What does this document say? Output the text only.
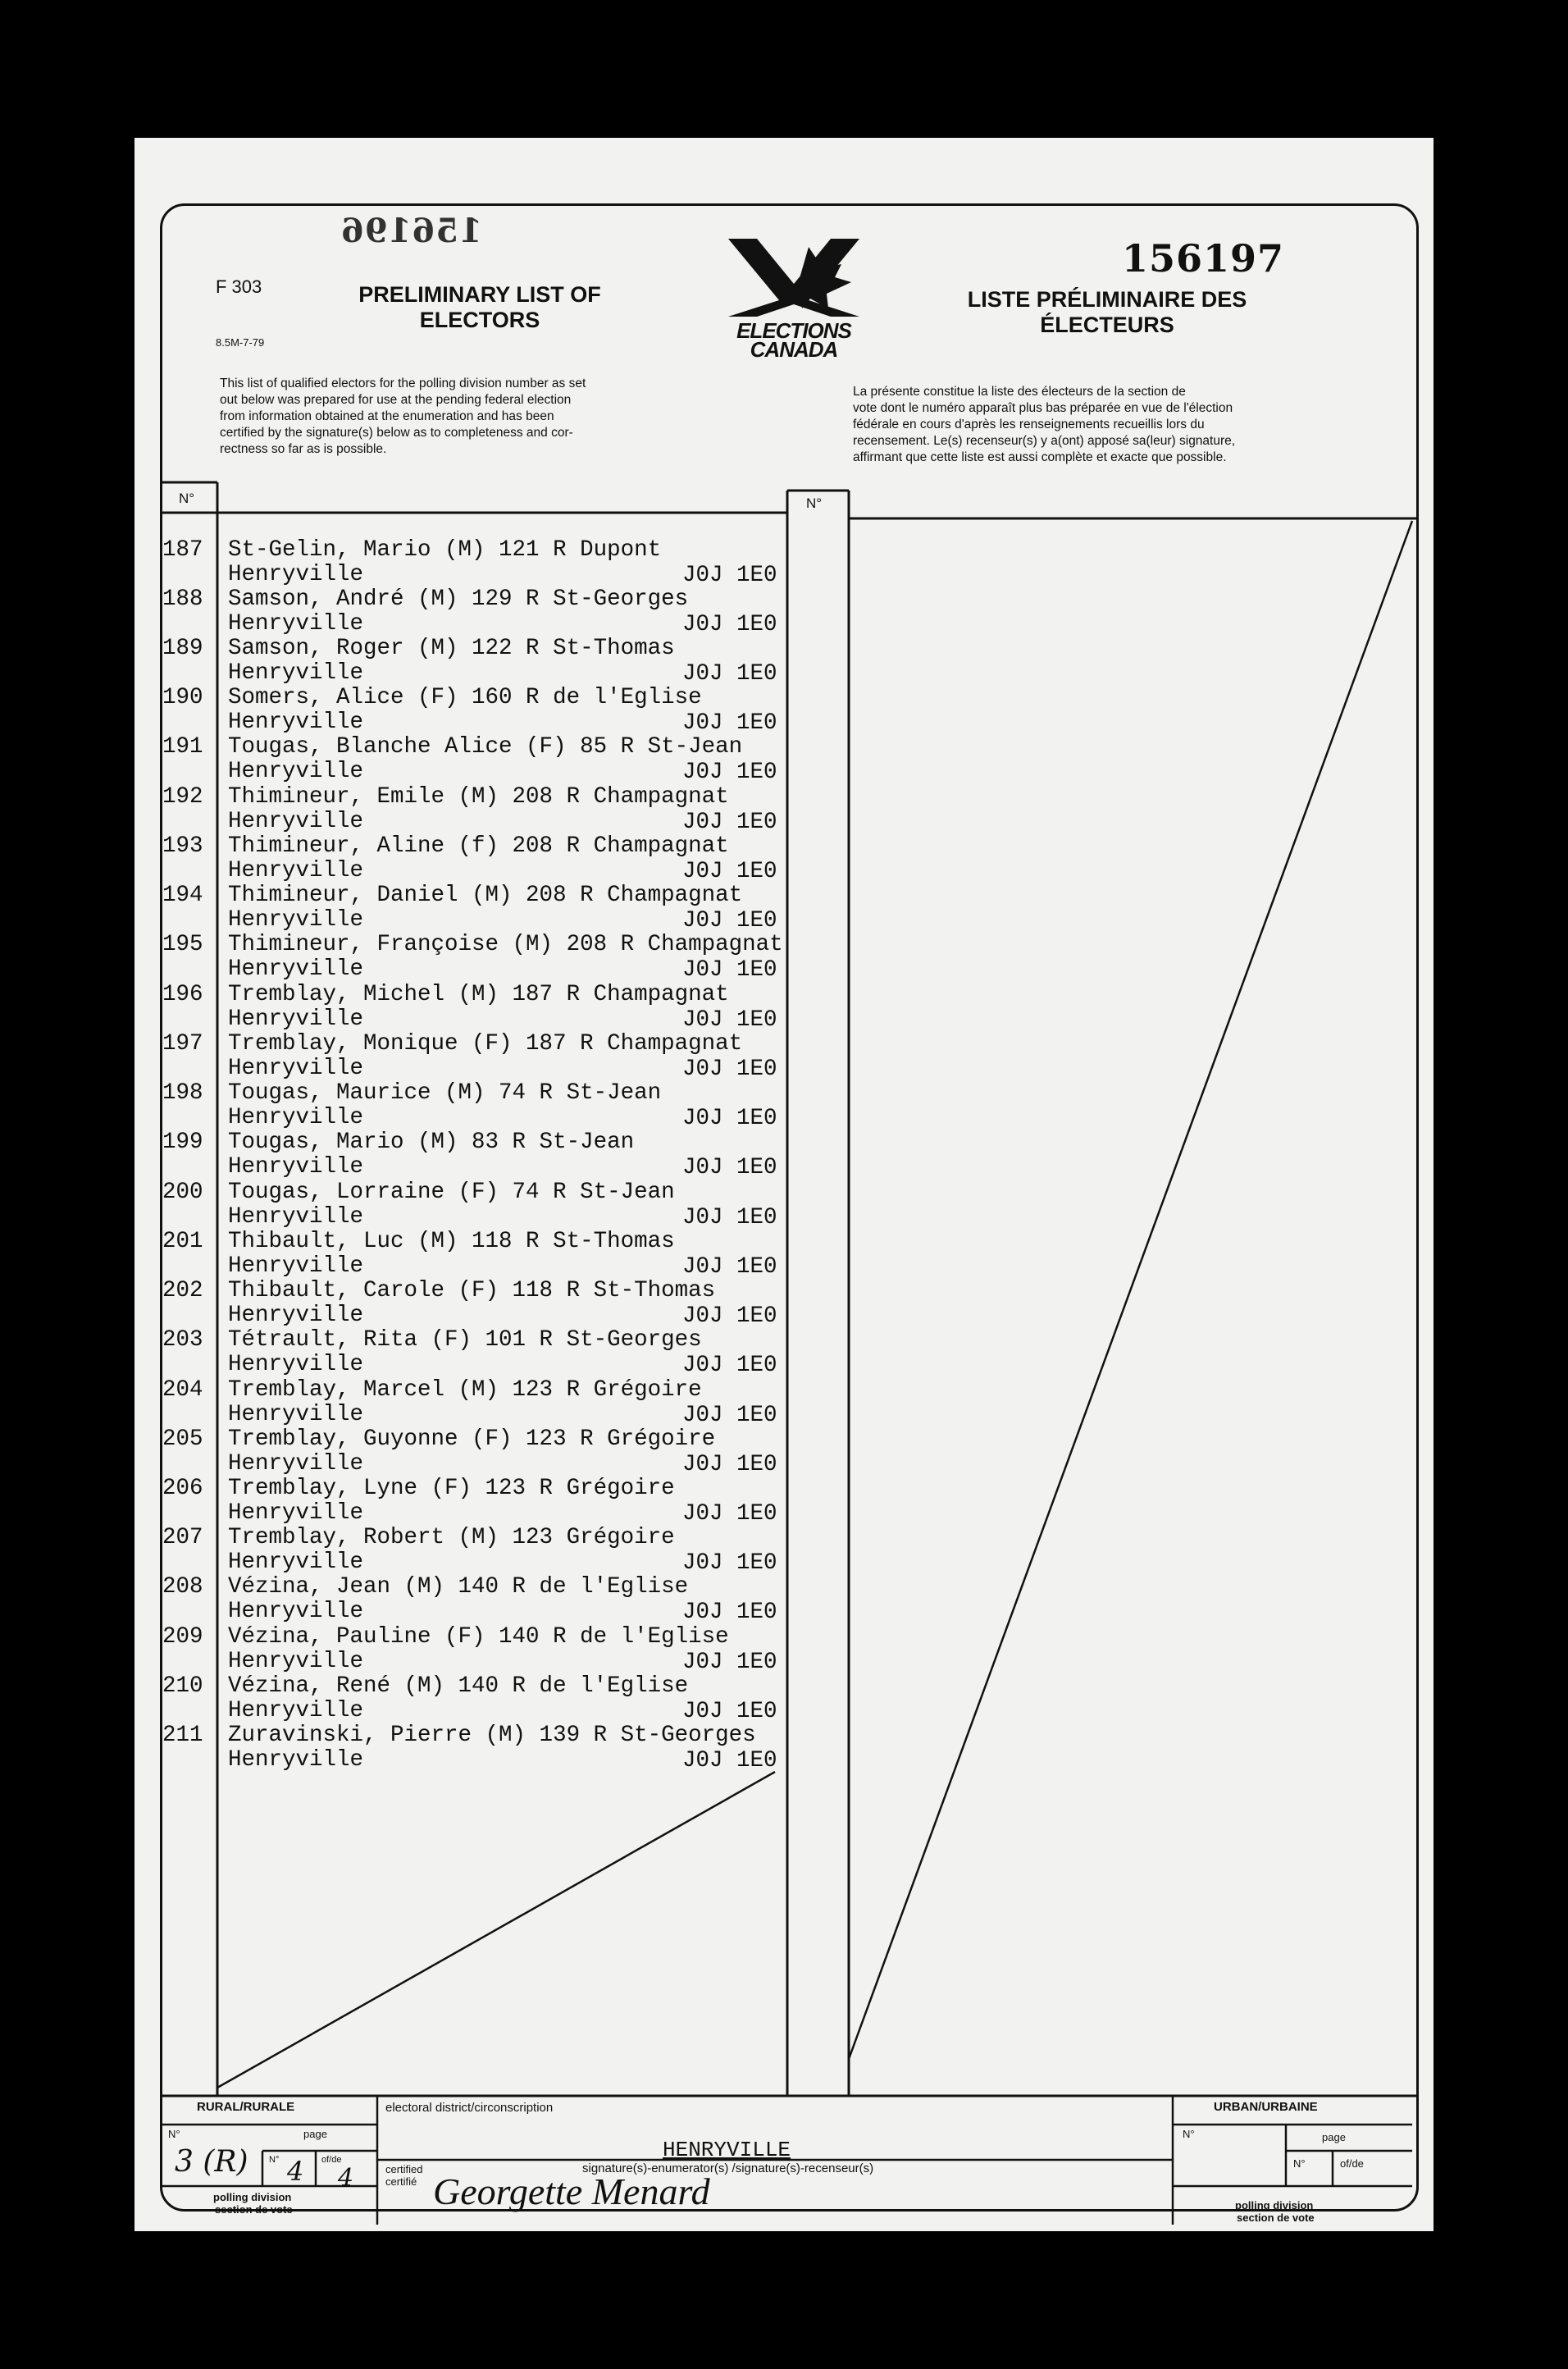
156196
156197
F 303
8.5M-7-79
PRELIMINARY LIST OF
ELECTORS	ELECTIONS
CANADA
LISTE PRÉLIMINAIRE DES
ÉLECTEURS
This list of qualified electors for the polling division number as set
out below was prepared for use at the pending federal election
from information obtained at the enumeration and has been
certified by the signature(s) below as to completeness and cor-
rectness so far as is possible.
La présente constitue la liste des électeurs de la section de
vote dont le numéro apparaît plus bas préparée en vue de l'élection
fédérale en cours d'après les renseignements recueillis lors du
recensement. Le(s) recenseur(s) y a(ont) apposé sa(leur) signature,
affirmant que cette liste est aussi complète et exacte que possible.
N°	N°
187 St-Gelin, Mario (M) 121 R Dupont
Henryville	J0J 1E0
188 Samson, André (M) 129 R St-Georges
Henryville	J0J 1E0
189 Samson, Roger (M) 122 R St-Thomas
Henryville	J0J 1E0
190 Somers, Alice (F) 160 R de l'Eglise
Henryville	J0J 1E0
191 Tougas, Blanche Alice (F) 85 R St-Jean
Henryville	J0J 1E0
192 Thimineur, Emile (M) 208 R Champagnat
Henryville	J0J 1E0
193 Thimineur, Aline (f) 208 R Champagnat
Henryville	J0J 1E0
194 Thimineur, Daniel (M) 208 R Champagnat
Henryville	J0J 1E0
195 Thimineur, Françoise (M) 208 R Champagnat
Henryville	J0J 1E0
196 Tremblay, Michel (M) 187 R Champagnat
Henryville	J0J 1E0
197 Tremblay, Monique (F) 187 R Champagnat
Henryville	J0J 1E0
198 Tougas, Maurice (M) 74 R St-Jean
Henryville	J0J 1E0
199 Tougas, Mario (M) 83 R St-Jean
Henryville	J0J 1E0
200 Tougas, Lorraine (F) 74 R St-Jean
Henryville	J0J 1E0
201 Thibault, Luc (M) 118 R St-Thomas
Henryville	J0J 1E0
202 Thibault, Carole (F) 118 R St-Thomas
Henryville	J0J 1E0
203 Tétrault, Rita (F) 101 R St-Georges
Henryville	J0J 1E0
204 Tremblay, Marcel (M) 123 R Grégoire
Henryville	J0J 1E0
205 Tremblay, Guyonne (F) 123 R Grégoire
Henryville	J0J 1E0
206 Tremblay, Lyne (F) 123 R Grégoire
Henryville	J0J 1E0
207 Tremblay, Robert (M) 123 Grégoire
Henryville	J0J 1E0
208 Vézina, Jean (M) 140 R de l'Eglise
Henryville	J0J 1E0
209 Vézina, Pauline (F) 140 R de l'Eglise
Henryville	J0J 1E0
210 Vézina, René (M) 140 R de l'Eglise
Henryville	J0J 1E0
211 Zuravinski, Pierre (M) 139 R St-Georges
Henryville	J0J 1E0
RURAL/RURALE
N°	page
N°	of/de
polling division
section de vote
3 (R) 4 4
electoral district/circonscription
HENRYVILLE
certified
certifié
signature(s)-enumerator(s) /signature(s)-recenseur(s)
Georgette Menard
URBAN/URBAINE
N°	page
N°	of/de
polling division
section de vote
